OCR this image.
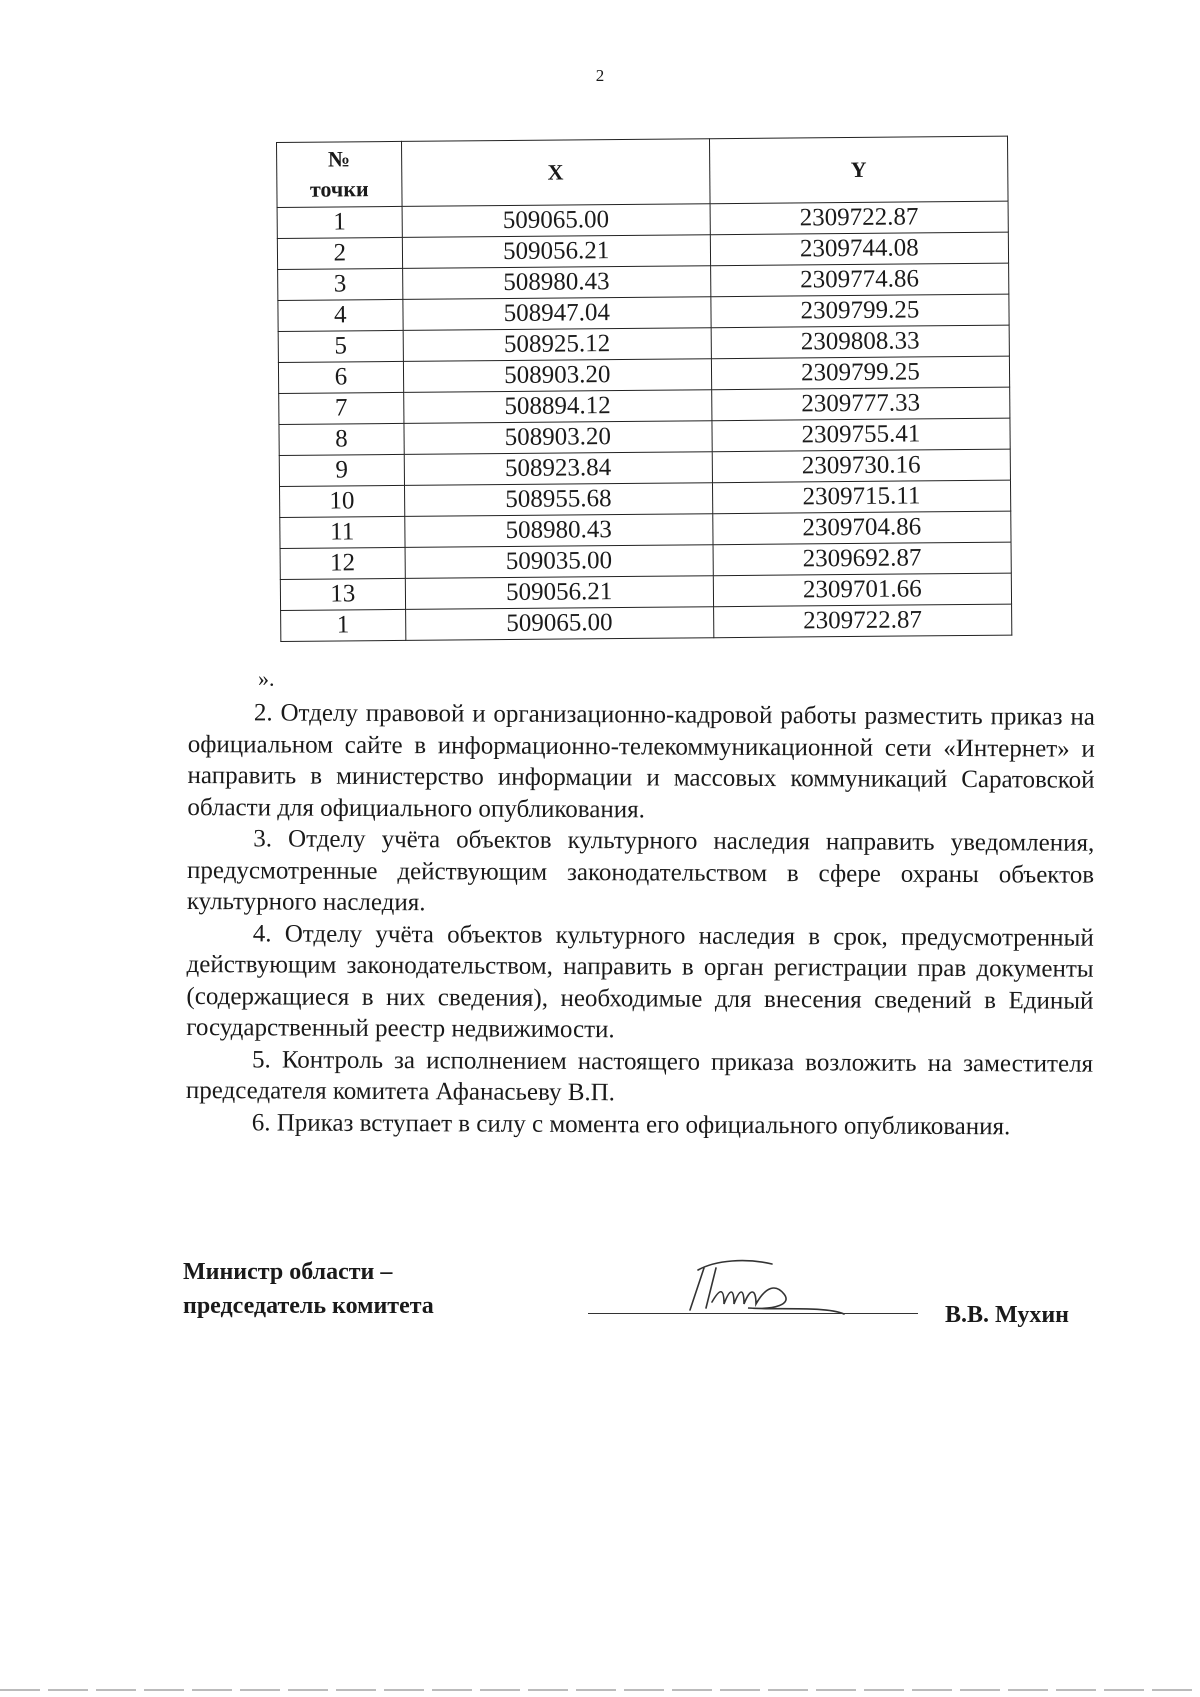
2
№
точки	X	Y
1	509065.00	2309722.87
2	509056.21	2309744.08
3	508980.43	2309774.86
4	508947.04	2309799.25
5	508925.12	2309808.33
6	508903.20	2309799.25
7	508894.12	2309777.33
8	508903.20	2309755.41
9	508923.84	2309730.16
10	508955.68	2309715.11
11	508980.43	2309704.86
12	509035.00	2309692.87
13	509056.21	2309701.66
1	509065.00	2309722.87
».

2. Отделу правовой и организационно-кадровой работы разместить приказ на официальном сайте в информационно-телекоммуникационной сети «Интернет» и направить в министерство информации и массовых коммуникаций Саратовской области для официального опубликования.

3. Отделу учёта объектов культурного наследия направить уведомления, предусмотренные действующим законодательством в сфере охраны объектов культурного наследия.

4. Отделу учёта объектов культурного наследия в срок, предусмотренный действующим законодательством, направить в орган регистрации прав документы (содержащиеся в них сведения), необходимые для внесения сведений в Единый государственный реестр недвижимости.

5. Контроль за исполнением настоящего приказа возложить на заместителя председателя комитета Афанасьеву В.П.

6. Приказ вступает в силу с момента его официального опубликования.

Министр области –
председатель комитета	В.В. Мухин
